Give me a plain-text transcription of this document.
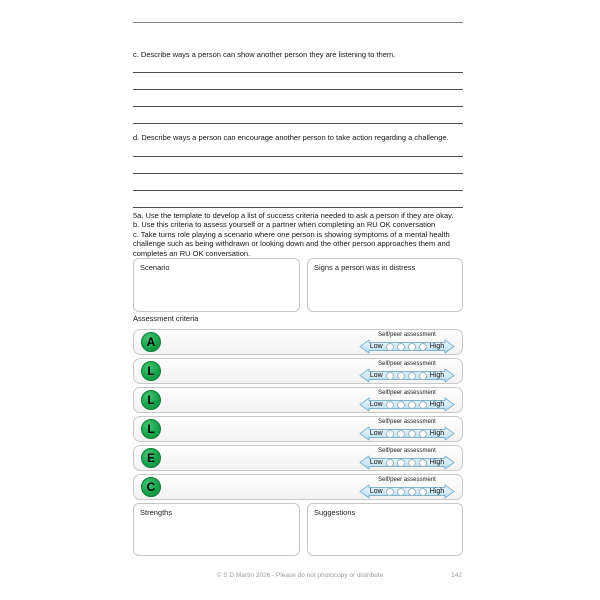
c. Describe ways a person can show another person they are listening to them.
d. Describe ways a person can encourage another person to take action regarding a challenge.
5a. Use the template to develop a list of success criteria needed to ask a person if they are okay.
b. Use this criteria to assess yourself or a partner when completing an RU OK conversation
c. Take turns role playing a scenario where one person is showing symptoms of a mental health
challenge such as being withdrawn or looking down and the other person approaches them and
completes an RU OK conversation.
Scenario	Signs a person was in distress
Assessment criteria
A	Self/peer assessment
Low	High
L	Self/peer assessment
Low	High
L	Self/peer assessment
Low	High
L	Self/peer assessment
Low	High
E	Self/peer assessment
Low	High
C	Self/peer assessment
Low	High
Strengths	Suggestions
© S D Martin 2026 - Please do not photocopy or distribute	142
